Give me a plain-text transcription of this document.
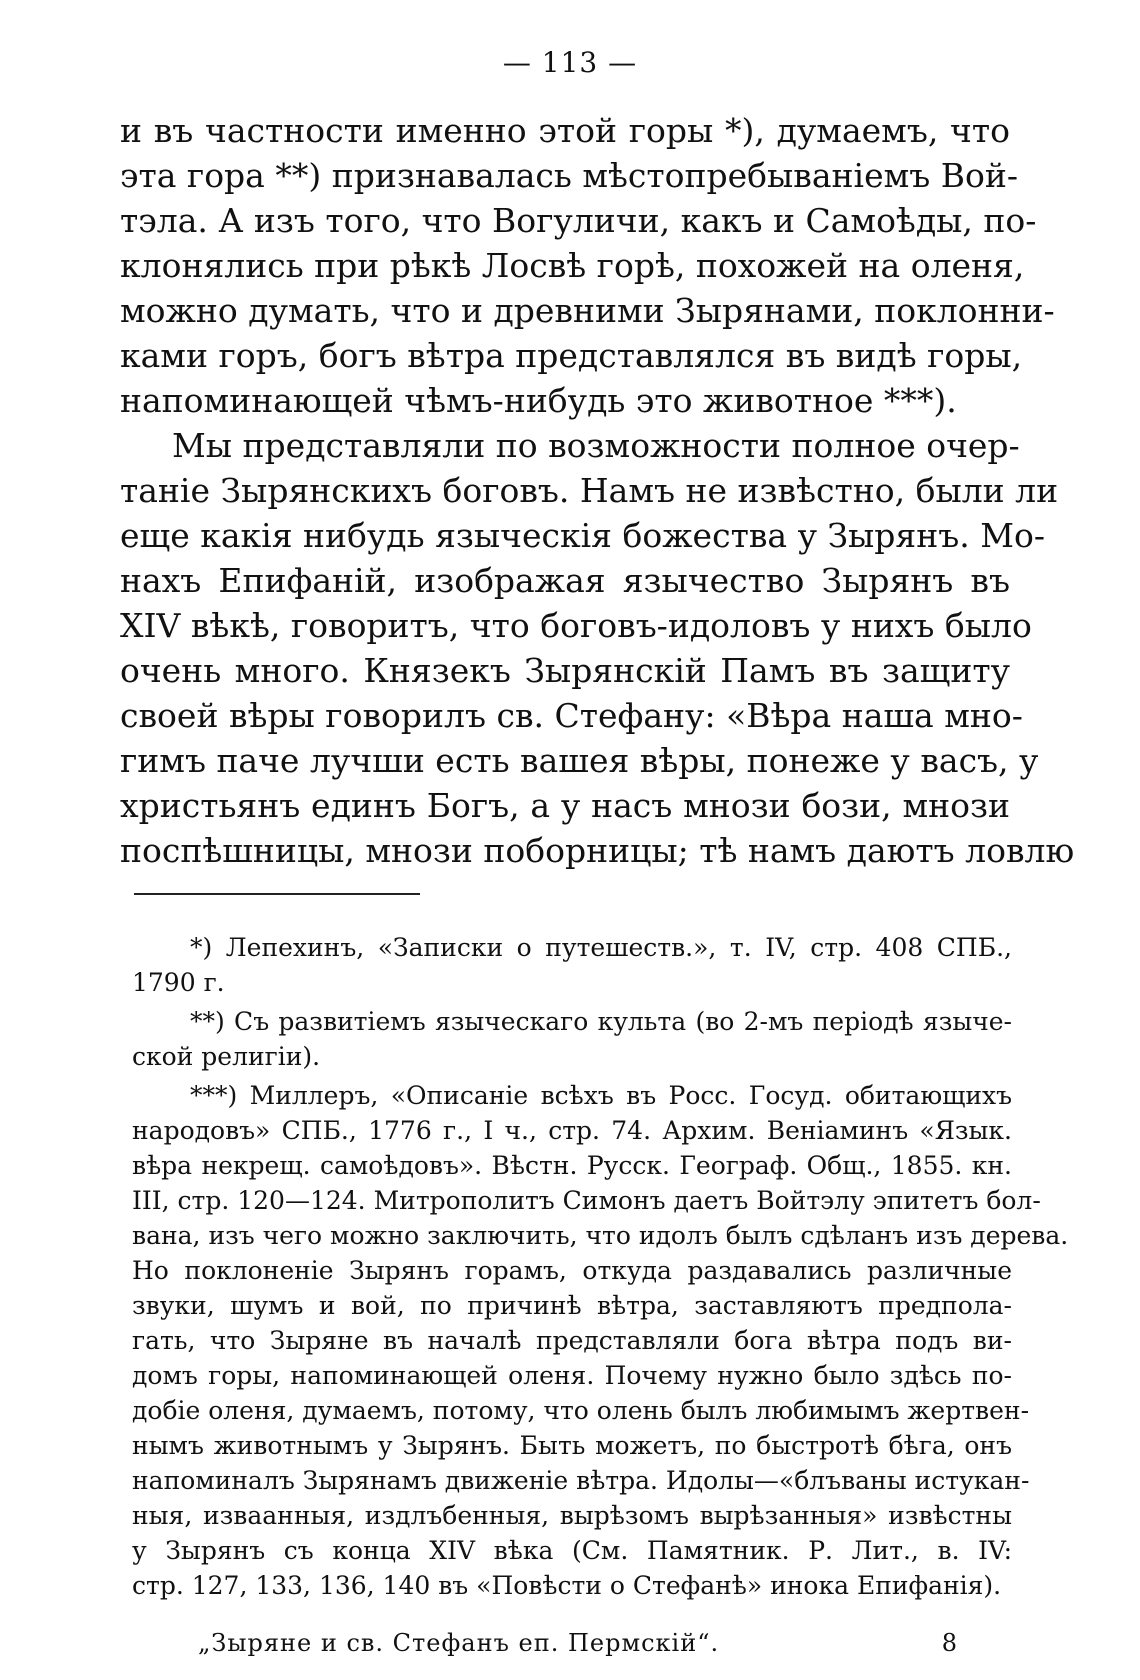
— 113 —

и въ частности именно этой горы *), думаемъ, что
эта гора **) признавалась мѣстопребываніемъ Вой-
тэла. А изъ того, что Вогуличи, какъ и Самоѣды, по-
клонялись при рѣкѣ Лосвѣ горѣ, похожей на оленя,
можно думать, что и древними Зырянами, поклонни-
ками горъ, богъ вѣтра представлялся въ видѣ горы,
напоминающей чѣмъ-нибудь это животное ***).

Мы представляли по возможности полное очер-
таніе Зырянскихъ боговъ. Намъ не извѣстно, были ли
еще какія нибудь языческія божества у Зырянъ. Мо-
нахъ Епифаній, изображая язычество Зырянъ въ
XIV вѣкѣ, говоритъ, что боговъ-идоловъ у нихъ было
очень много. Князекъ Зырянскій Памъ въ защиту
своей вѣры говорилъ св. Стефану: «Вѣра наша мно-
гимъ паче лучши есть вашея вѣры, понеже у васъ, у
христьянъ единъ Богъ, а у насъ мнози бози, мнози
поспѣшницы, мнози поборницы; тѣ намъ даютъ ловлю

*) Лепехинъ, «Записки о путешеств.», т. IV, стр. 408 СПБ.,
1790 г.
**) Съ развитіемъ языческаго культа (во 2-мъ періодѣ языче-
ской религіи).
***) Миллеръ, «Описаніе всѣхъ въ Росс. Госуд. обитающихъ
народовъ» СПБ., 1776 г., I ч., стр. 74. Архим. Веніаминъ «Язык.
вѣра некрещ. самоѣдовъ». Вѣстн. Русск. Географ. Общ., 1855. кн.
III, стр. 120—124. Митрополитъ Симонъ даетъ Войтэлу эпитетъ бол-
вана, изъ чего можно заключить, что идолъ былъ сдѣланъ изъ дерева.
Но поклоненіе Зырянъ горамъ, откуда раздавались различные
звуки, шумъ и вой, по причинѣ вѣтра, заставляютъ предпола-
гать, что Зыряне въ началѣ представляли бога вѣтра подъ ви-
домъ горы, напоминающей оленя. Почему нужно было здѣсь по-
добіе оленя, думаемъ, потому, что олень былъ любимымъ жертвен-
нымъ животнымъ у Зырянъ. Быть можетъ, по быстротѣ бѣга, онъ
напоминалъ Зырянамъ движеніе вѣтра. Идолы—«блъваны истукан-
ныя, изваанныя, издлъбенныя, вырѣзомъ вырѣзанныя» извѣстны
у Зырянъ съ конца XIV вѣка (См. Памятник. Р. Лит., в. IV:
стр. 127, 133, 136, 140 въ «Повѣсти о Стефанѣ» инока Епифанія).
„Зыряне и св. Стефанъ еп. Пермскій“.	8
